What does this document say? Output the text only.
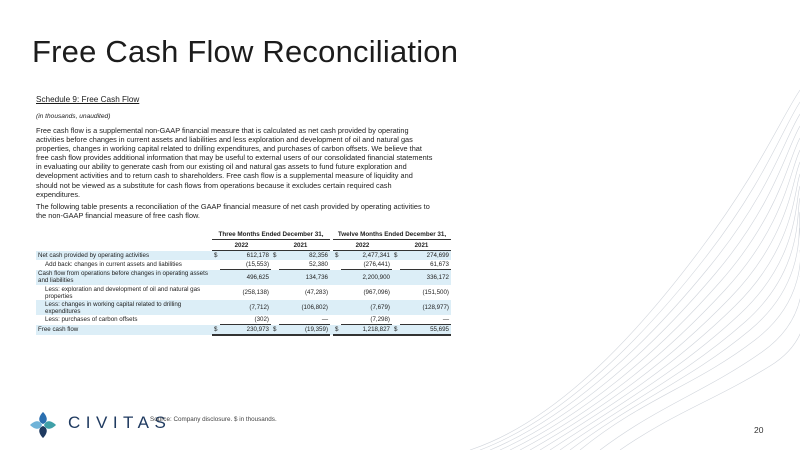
Free Cash Flow Reconciliation
Schedule 9: Free Cash Flow
(in thousands, unaudited)

Free cash flow is a supplemental non-GAAP financial measure that is calculated as net cash provided by operating activities before changes in current assets and liabilities and less exploration and development of oil and natural gas properties, changes in working capital related to drilling expenditures, and purchases of carbon offsets. We believe that free cash flow provides additional information that may be useful to external users of our consolidated financial statements in evaluating our ability to generate cash from our existing oil and natural gas assets to fund future exploration and development activities and to return cash to shareholders. Free cash flow is a supplemental measure of liquidity and should not be viewed as a substitute for cash flows from operations because it excludes certain required cash expenditures.

The following table presents a reconciliation of the GAAP financial measure of net cash provided by operating activities to the non-GAAP financial measure of free cash flow.

	Three Months Ended December 31,					Twelve Months Ended December 31,			
	2022		2021			2022		2021	
Net cash provided by operating activities	$	612,178	$	82,356		$	2,477,341	$	274,699
Add back: changes in current assets and liabilities		(15,553)		52,380			(276,441)		61,673
Cash flow from operations before changes in operating assets and liabilities		496,625		134,736			2,200,900		336,172
Less: exploration and development of oil and natural gas properties		(258,138)		(47,283)			(967,096)		(151,500)
Less: changes in working capital related to drilling expenditures		(7,712)		(106,802)			(7,679)		(128,977)
Less: purchases of carbon offsets		(302)		—			(7,298)		—
Free cash flow	$	230,973	$	(19,359)		$	1,218,827	$	55,695
CIVITAS
Source: Company disclosure. $ in thousands.
20
